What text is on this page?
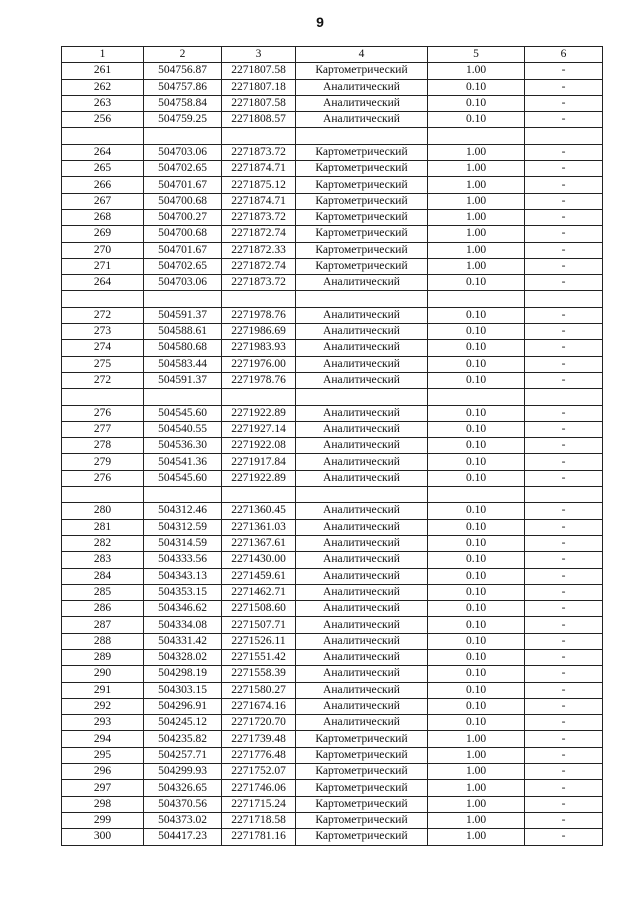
9
1	2	3	4	5	6
261	504756.87	2271807.58	Картометрический	1.00	-
262	504757.86	2271807.18	Аналитический	0.10	-
263	504758.84	2271807.58	Аналитический	0.10	-
256	504759.25	2271808.57	Аналитический	0.10	-

264	504703.06	2271873.72	Картометрический	1.00	-
265	504702.65	2271874.71	Картометрический	1.00	-
266	504701.67	2271875.12	Картометрический	1.00	-
267	504700.68	2271874.71	Картометрический	1.00	-
268	504700.27	2271873.72	Картометрический	1.00	-
269	504700.68	2271872.74	Картометрический	1.00	-
270	504701.67	2271872.33	Картометрический	1.00	-
271	504702.65	2271872.74	Картометрический	1.00	-
264	504703.06	2271873.72	Аналитический	0.10	-

272	504591.37	2271978.76	Аналитический	0.10	-
273	504588.61	2271986.69	Аналитический	0.10	-
274	504580.68	2271983.93	Аналитический	0.10	-
275	504583.44	2271976.00	Аналитический	0.10	-
272	504591.37	2271978.76	Аналитический	0.10	-

276	504545.60	2271922.89	Аналитический	0.10	-
277	504540.55	2271927.14	Аналитический	0.10	-
278	504536.30	2271922.08	Аналитический	0.10	-
279	504541.36	2271917.84	Аналитический	0.10	-
276	504545.60	2271922.89	Аналитический	0.10	-

280	504312.46	2271360.45	Аналитический	0.10	-
281	504312.59	2271361.03	Аналитический	0.10	-
282	504314.59	2271367.61	Аналитический	0.10	-
283	504333.56	2271430.00	Аналитический	0.10	-
284	504343.13	2271459.61	Аналитический	0.10	-
285	504353.15	2271462.71	Аналитический	0.10	-
286	504346.62	2271508.60	Аналитический	0.10	-
287	504334.08	2271507.71	Аналитический	0.10	-
288	504331.42	2271526.11	Аналитический	0.10	-
289	504328.02	2271551.42	Аналитический	0.10	-
290	504298.19	2271558.39	Аналитический	0.10	-
291	504303.15	2271580.27	Аналитический	0.10	-
292	504296.91	2271674.16	Аналитический	0.10	-
293	504245.12	2271720.70	Аналитический	0.10	-
294	504235.82	2271739.48	Картометрический	1.00	-
295	504257.71	2271776.48	Картометрический	1.00	-
296	504299.93	2271752.07	Картометрический	1.00	-
297	504326.65	2271746.06	Картометрический	1.00	-
298	504370.56	2271715.24	Картометрический	1.00	-
299	504373.02	2271718.58	Картометрический	1.00	-
300	504417.23	2271781.16	Картометрический	1.00	-
